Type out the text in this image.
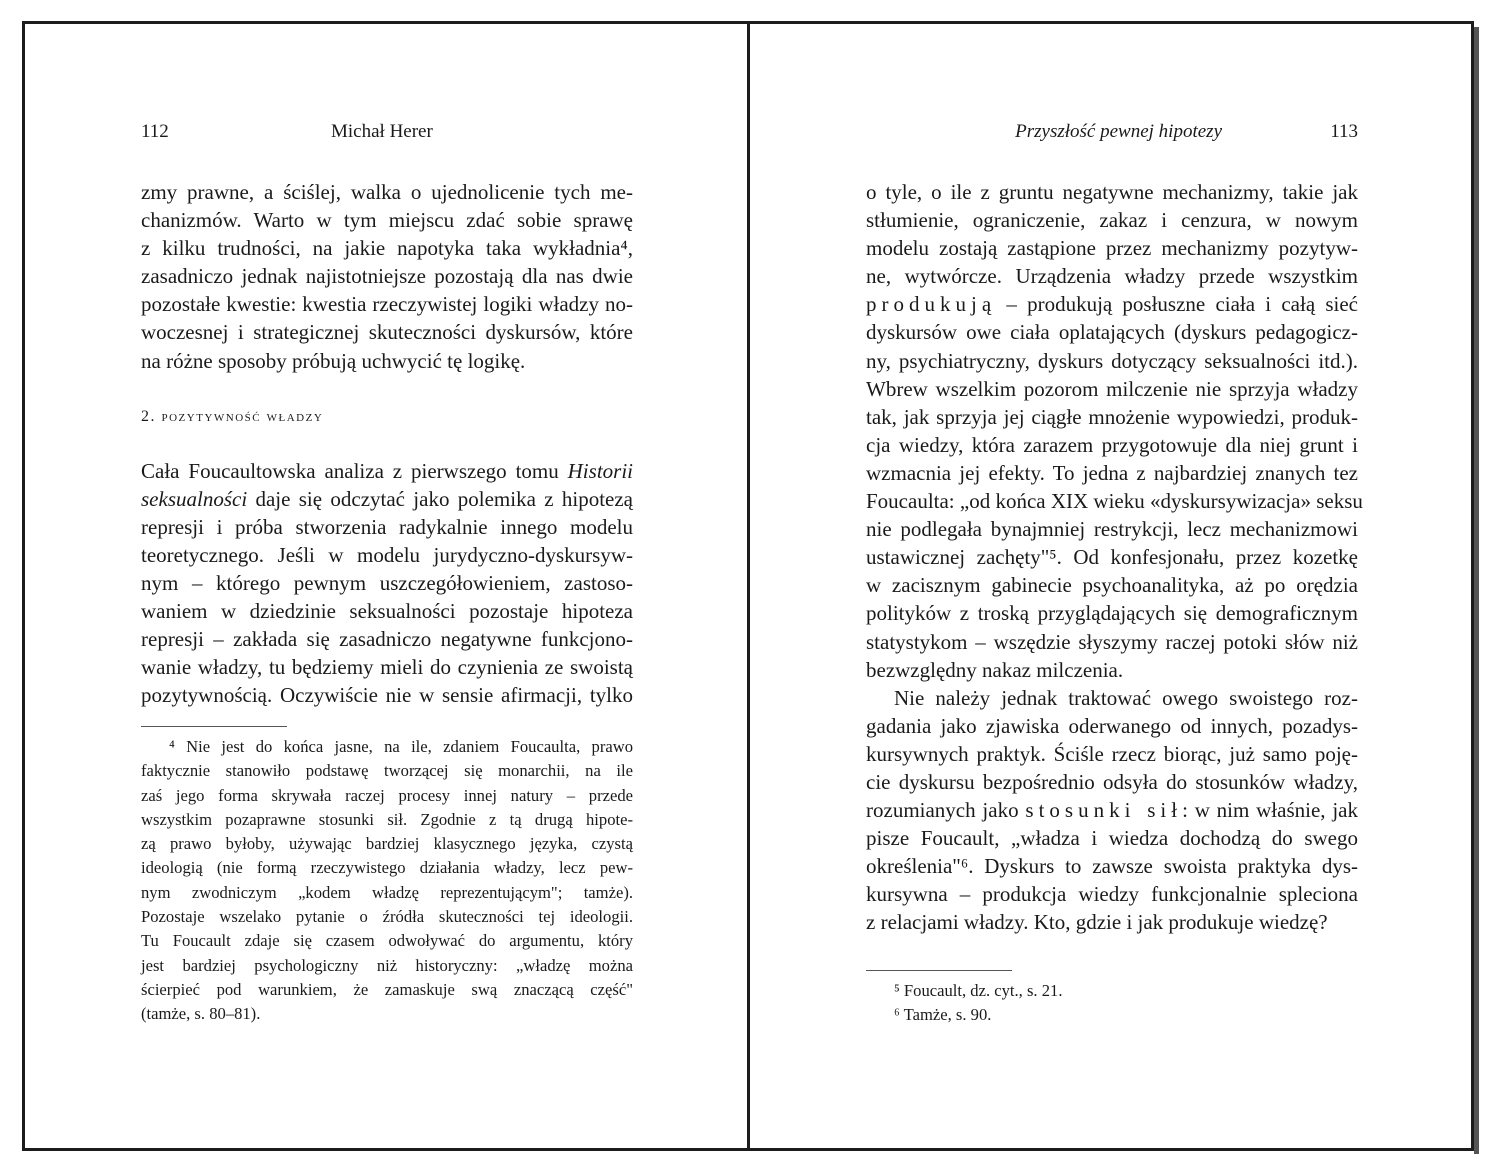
112	Michał Herer

zmy prawne, a ściślej, walka o ujednolicenie tych me-
chanizmów. Warto w tym miejscu zdać sobie sprawę
z kilku trudności, na jakie napotyka taka wykładnia⁴,
zasadniczo jednak najistotniejsze pozostają dla nas dwie
pozostałe kwestie: kwestia rzeczywistej logiki władzy no-
woczesnej i strategicznej skuteczności dyskursów, które
na różne sposoby próbują uchwycić tę logikę.

2. pozytywność władzy

Cała Foucaultowska analiza z pierwszego tomu Historii
seksualności daje się odczytać jako polemika z hipotezą
represji i próba stworzenia radykalnie innego modelu
teoretycznego. Jeśli w modelu jurydyczno-dyskursyw-
nym – którego pewnym uszczegółowieniem, zastoso-
waniem w dziedzinie seksualności pozostaje hipoteza
represji – zakłada się zasadniczo negatywne funkcjono-
wanie władzy, tu będziemy mieli do czynienia ze swoistą
pozytywnością. Oczywiście nie w sensie afirmacji, tylko

⁴ Nie jest do końca jasne, na ile, zdaniem Foucaulta, prawo
faktycznie stanowiło podstawę tworzącej się monarchii, na ile
zaś jego forma skrywała raczej procesy innej natury – przede
wszystkim pozaprawne stosunki sił. Zgodnie z tą drugą hipote-
zą prawo byłoby, używając bardziej klasycznego języka, czystą
ideologią (nie formą rzeczywistego działania władzy, lecz pew-
nym zwodniczym „kodem władzę reprezentującym"; tamże).
Pozostaje wszelako pytanie o źródła skuteczności tej ideologii.
Tu Foucault zdaje się czasem odwoływać do argumentu, który
jest bardziej psychologiczny niż historyczny: „władzę można
ścierpieć pod warunkiem, że zamaskuje swą znaczącą część"
(tamże, s. 80–81).
Przyszłość pewnej hipotezy	113

o tyle, o ile z gruntu negatywne mechanizmy, takie jak
stłumienie, ograniczenie, zakaz i cenzura, w nowym
modelu zostają zastąpione przez mechanizmy pozytyw-
ne, wytwórcze. Urządzenia władzy przede wszystkim
produkują – produkują posłuszne ciała i całą sieć
dyskursów owe ciała oplatających (dyskurs pedagogicz-
ny, psychiatryczny, dyskurs dotyczący seksualności itd.).
Wbrew wszelkim pozorom milczenie nie sprzyja władzy
tak, jak sprzyja jej ciągłe mnożenie wypowiedzi, produk-
cja wiedzy, która zarazem przygotowuje dla niej grunt i
wzmacnia jej efekty. To jedna z najbardziej znanych tez
Foucaulta: „od końca XIX wieku «dyskursywizacja» seksu
nie podlegała bynajmniej restrykcji, lecz mechanizmowi
ustawicznej zachęty"⁵. Od konfesjonału, przez kozetkę
w zacisznym gabinecie psychoanalityka, aż po orędzia
polityków z troską przyglądających się demograficznym
statystykom – wszędzie słyszymy raczej potoki słów niż
bezwzględny nakaz milczenia.

Nie należy jednak traktować owego swoistego roz-
gadania jako zjawiska oderwanego od innych, pozadys-
kursywnych praktyk. Ściśle rzecz biorąc, już samo poję-
cie dyskursu bezpośrednio odsyła do stosunków władzy,
rozumianych jako stosunki sił: w nim właśnie, jak
pisze Foucault, „władza i wiedza dochodzą do swego
określenia"⁶. Dyskurs to zawsze swoista praktyka dys-
kursywna – produkcja wiedzy funkcjonalnie spleciona
z relacjami władzy. Kto, gdzie i jak produkuje wiedzę?

⁵ Foucault, dz. cyt., s. 21.
⁶ Tamże, s. 90.
